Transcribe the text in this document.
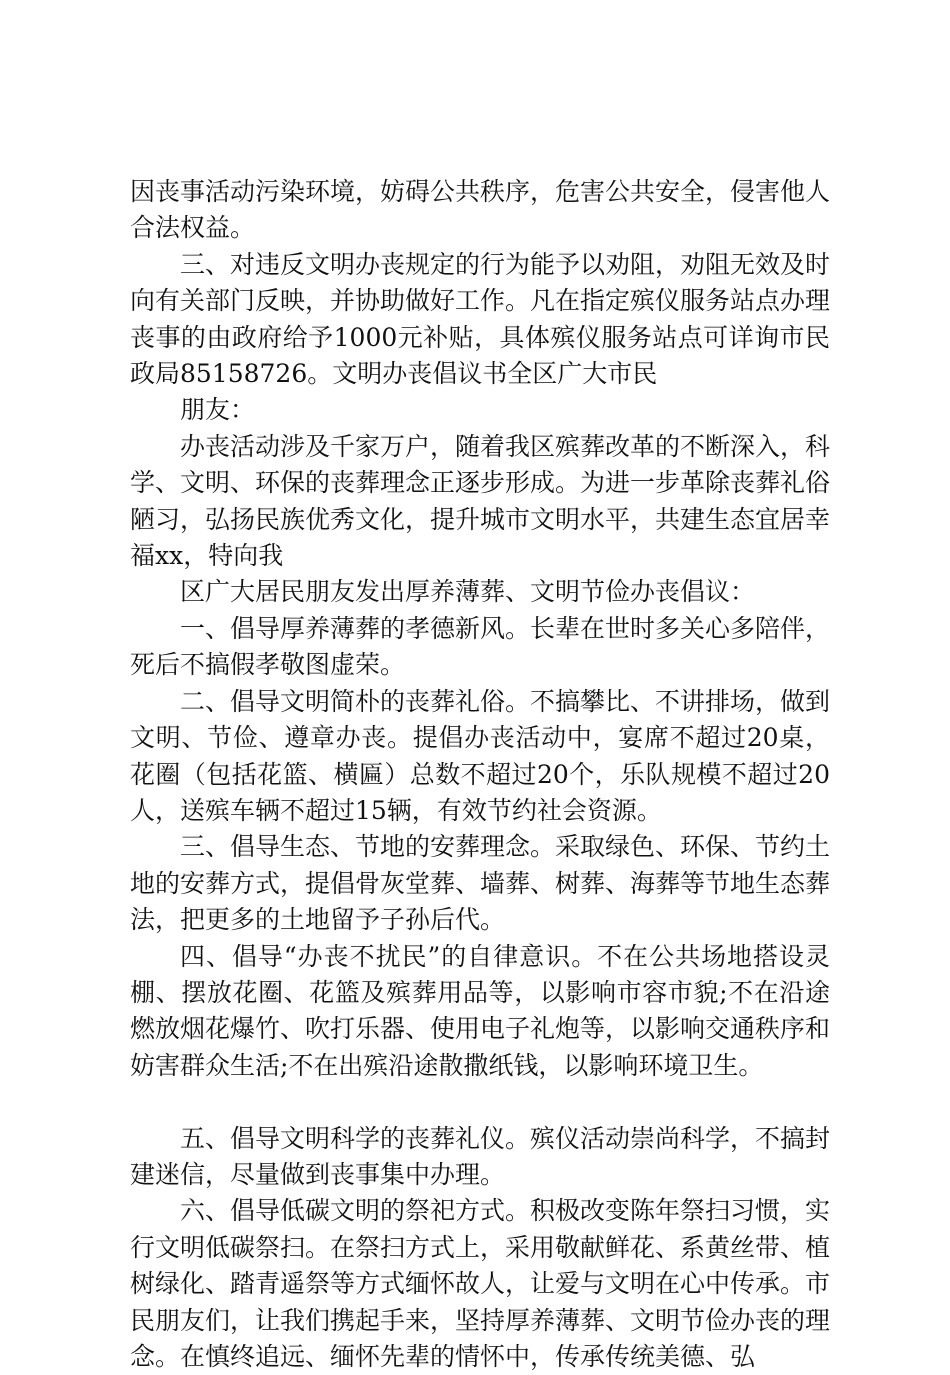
因丧事活动污染环境，妨碍公共秩序，危害公共安全，侵害他人合法权益。

三、对违反文明办丧规定的行为能予以劝阻，劝阻无效及时向有关部门反映，并协助做好工作。凡在指定殡仪服务站点办理丧事的由政府给予1000元补贴，具体殡仪服务站点可详询市民政局85158726。文明办丧倡议书全区广大市民

朋友：

办丧活动涉及千家万户，随着我区殡葬改革的不断深入，科学、文明、环保的丧葬理念正逐步形成。为进一步革除丧葬礼俗陋习，弘扬民族优秀文化，提升城市文明水平，共建生态宜居幸福xx，特向我

区广大居民朋友发出厚养薄葬、文明节俭办丧倡议：

一、倡导厚养薄葬的孝德新风。长辈在世时多关心多陪伴，死后不搞假孝敬图虚荣。

二、倡导文明简朴的丧葬礼俗。不搞攀比、不讲排场，做到文明、节俭、遵章办丧。提倡办丧活动中，宴席不超过20桌，花圈（包括花篮、横匾）总数不超过20个，乐队规模不超过20人，送殡车辆不超过15辆，有效节约社会资源。

三、倡导生态、节地的安葬理念。采取绿色、环保、节约土地的安葬方式，提倡骨灰堂葬、墙葬、树葬、海葬等节地生态葬法，把更多的土地留予子孙后代。

四、倡导“办丧不扰民”的自律意识。不在公共场地搭设灵棚、摆放花圈、花篮及殡葬用品等，以影响市容市貌;不在沿途燃放烟花爆竹、吹打乐器、使用电子礼炮等，以影响交通秩序和妨害群众生活;不在出殡沿途散撒纸钱，以影响环境卫生。

五、倡导文明科学的丧葬礼仪。殡仪活动崇尚科学，不搞封建迷信，尽量做到丧事集中办理。

六、倡导低碳文明的祭祀方式。积极改变陈年祭扫习惯，实行文明低碳祭扫。在祭扫方式上，采用敬献鲜花、系黄丝带、植树绿化、踏青遥祭等方式缅怀故人，让爱与文明在心中传承。市民朋友们，让我们携起手来，坚持厚养薄葬、文明节俭办丧的理念。在慎终追远、缅怀先辈的情怀中，传承传统美德、弘
